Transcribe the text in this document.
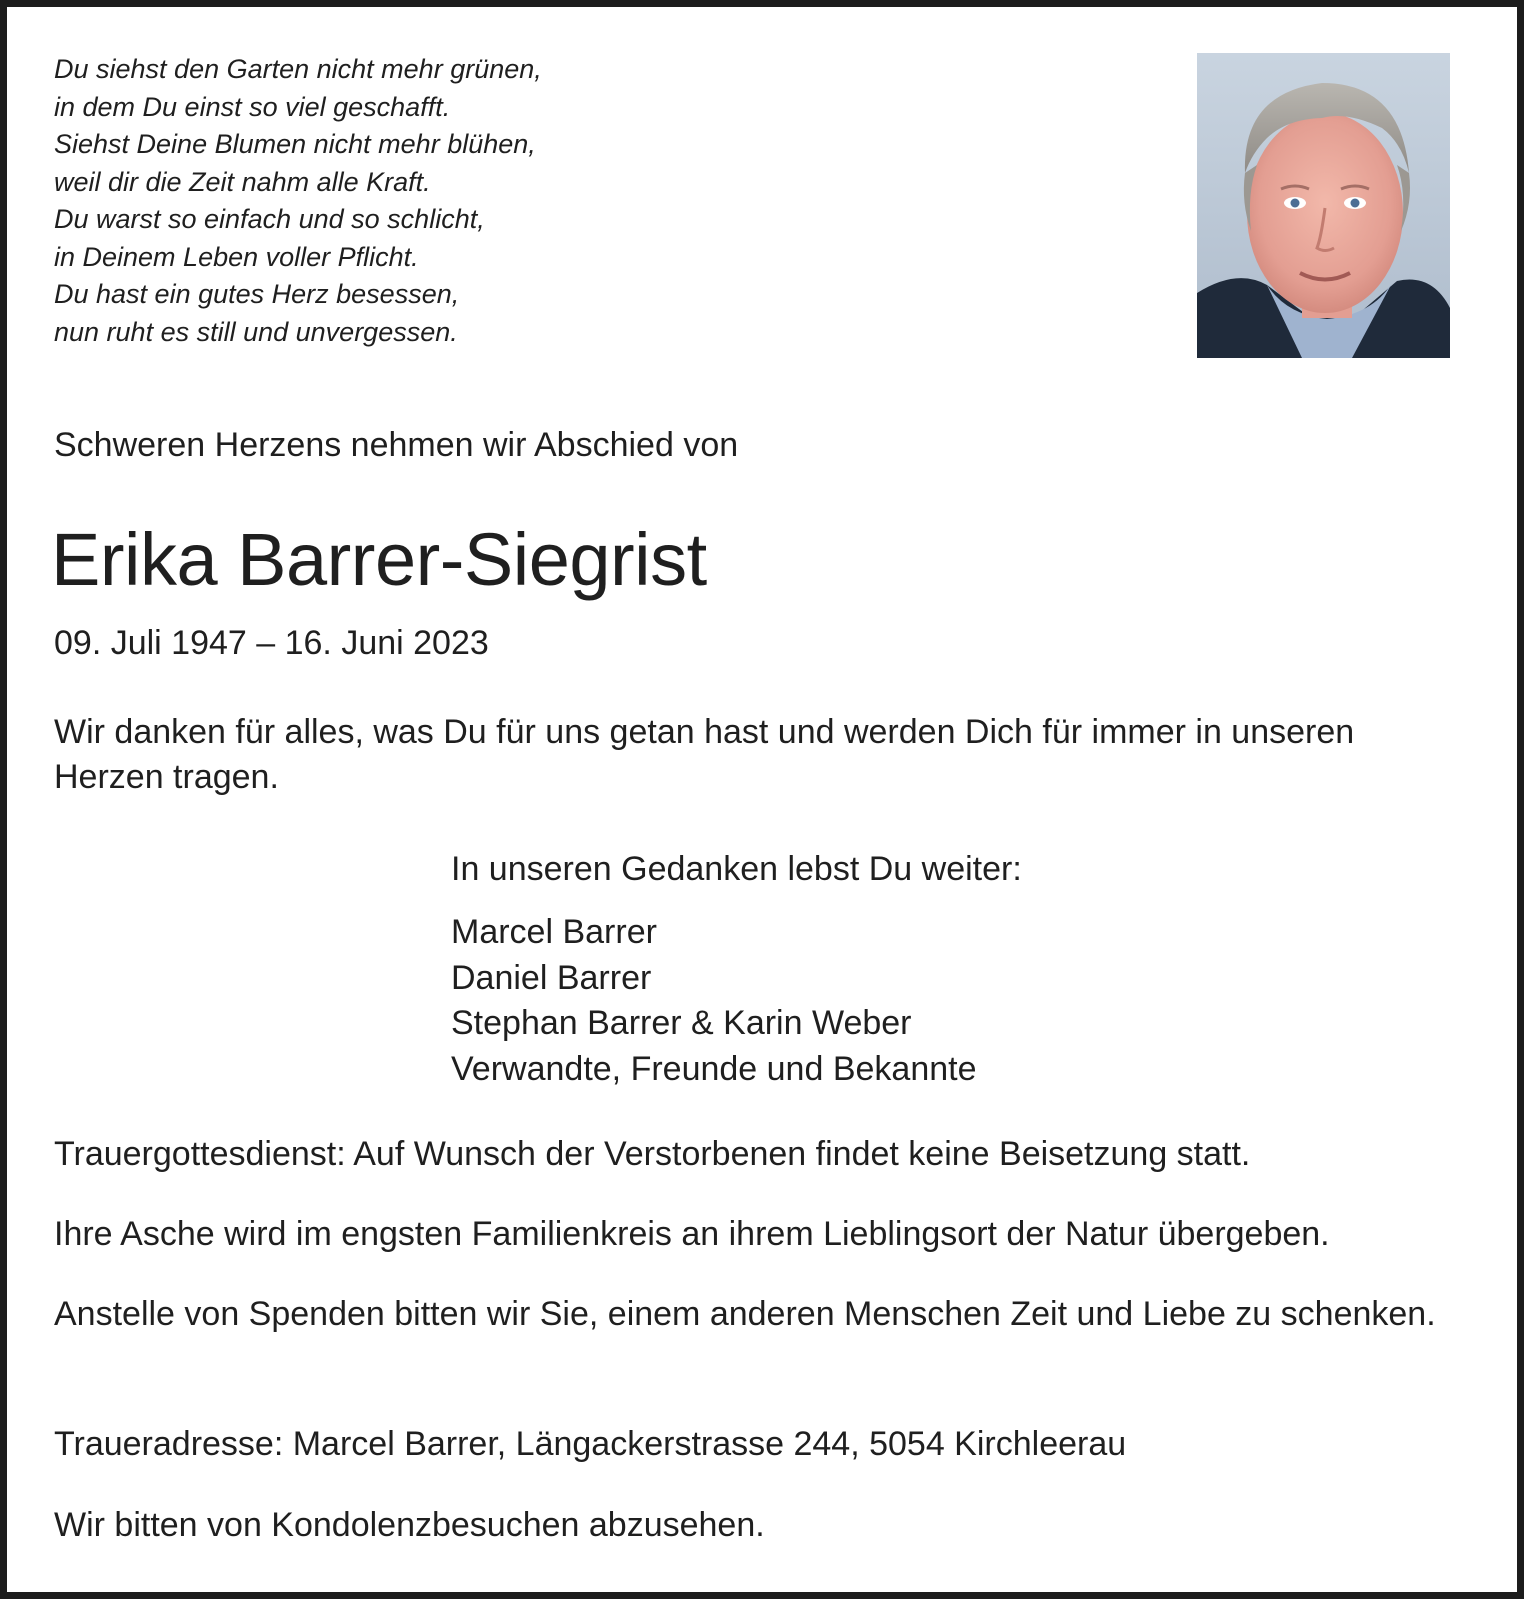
Du siehst den Garten nicht mehr grünen,
in dem Du einst so viel geschafft.
Siehst Deine Blumen nicht mehr blühen,
weil dir die Zeit nahm alle Kraft.
Du warst so einfach und so schlicht,
in Deinem Leben voller Pflicht.
Du hast ein gutes Herz besessen,
nun ruht es still und unvergessen.
Schweren Herzens nehmen wir Abschied von
Erika Barrer-Siegrist
09. Juli 1947 – 16. Juni 2023
Wir danken für alles, was Du für uns getan hast und werden Dich für immer in unseren Herzen tragen.
In unseren Gedanken lebst Du weiter:
Marcel Barrer
Daniel Barrer
Stephan Barrer & Karin Weber
Verwandte, Freunde und Bekannte
Trauergottesdienst: Auf Wunsch der Verstorbenen findet keine Beisetzung statt.
Ihre Asche wird im engsten Familienkreis an ihrem Lieblingsort der Natur übergeben.
Anstelle von Spenden bitten wir Sie, einem anderen Menschen Zeit und Liebe zu schenken.
Traueradresse: Marcel Barrer, Längackerstrasse 244, 5054 Kirchleerau
Wir bitten von Kondolenzbesuchen abzusehen.
